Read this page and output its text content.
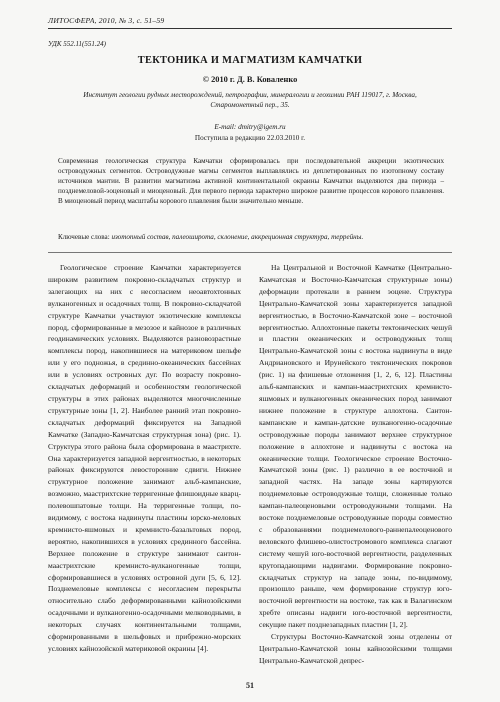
ЛИТОСФЕРА, 2010, № 3, с. 51–59
УДК 552.11(551.24)
ТЕКТОНИКА И МАГМАТИЗМ КАМЧАТКИ
© 2010 г. Д. В. Коваленко
Институт геологии рудных месторождений, петрографии, минералогии и геохимии РАН 119017, г. Москва, Старомонетный пер., 35.
E-mail: dmitry@igem.ru
Поступила в редакцию 22.03.2010 г.
Современная геологическая структура Камчатки сформировалась при последовательной аккреции экзотических островодужных сегментов. Островодужные магмы сегментов выплавлялись из деплетированных по изотопному составу источников мантии. В развитии магматизма активной континентальной окраины Камчатки выделяются два периода – позднемеловой-эоценовый и миоценовый. Для первого периода характерно широкое развитие процессов корового плавления. В миоценовый период масштабы корового плавления были значительно меньше.
Ключевые слова: изотопный состав, палеоширота, склонение, аккреционная структура, террейны.

Геологическое строение Камчатки характеризуется широким развитием покровно-складчатых структур и залегающих на них с несогласием неоавтохтонных вулканогенных и осадочных толщ. В покровно-складчатой структуре Камчатки участвуют экзотические комплексы пород, сформированные в мезозое и кайнозое в различных геодинамических условиях. Выделяются разновозрастные комплексы пород, накопившиеся на материковом шельфе или у его подножья, в срединно-океанических бассейнах или в условиях островных дуг. По возрасту покровно-складчатых деформаций и особенностям геологической структуры в этих районах выделяются многочисленные структурные зоны [1, 2]. Наиболее ранний этап покровно-складчатых деформаций фиксируется на Западной Камчатке (Западно-Камчатская структурная зона) (рис. 1). Структура этого района была сформирована в маастрихте. Она характеризуется западной вергентностью, в некоторых районах фиксируются левосторонние сдвиги. Нижнее структурное положение занимают альб-кампанские, возможно, маастрихтские терригенные флишоидные кварц-полевошпатовые толщи. На терригенные толщи, по-видимому, с востока надвинуты пластины юрско-меловых кремнисто-яшмовых и кремнисто-базальтовых пород, вероятно, накопившихся в условиях срединного бассейна. Верхнее положение в структуре занимают сантон-маастрихтские кремнисто-вулканогенные толщи, сформировавшиеся в условиях островной дуги [5, 6, 12]. Позднемеловые комплексы с несогласием перекрыты относительно слабо деформированными кайнозойскими осадочными и вулканогенно-осадочными мелководными, в некоторых случаях континентальными толщами, сформированными в шельфовых и прибрежно-морских условиях кайнозойской материковой окраины [4].

На Центральной и Восточной Камчатке (Центрально-Камчатская и Восточно-Камчатская структурные зоны) деформации протекали в раннем эоцене. Структура Центрально-Камчатской зоны характеризуется западной вергентностью, в Восточно-Камчатской зоне – восточной вергентностью. Аллохтонные пакеты тектонических чешуй и пластин океанических и островодужных толщ Центрально-Камчатской зоны с востока надвинуты в виде Андриановского и Ирунейского тектонических покровов (рис. 1) на флишевые отложения [1, 2, 6, 12]. Пластины альб-кампанских и кампан-маастрихтских кремнисто-яшмовых и вулканогенных океанических пород занимают нижнее положение в структуре аллохтона. Сантон-кампанские и кампан-датские вулканогенно-осадочные островодужные породы занимают верхнее структурное положение в аллохтоне и надвинуты с востока на океанические толщи. Геологическое строение Восточно-Камчатской зоны (рис. 1) различно в ее восточной и западной частях. На западе зоны картируются позднемеловые островодужные толщи, сложенные только кампан-палеоценовыми островодужными толщами. На востоке позднемеловые островодужные породы совместно с образованиями позднемелового-раннепалеоценового веловского флишево-олистостромового комплекса слагают систему чешуй юго-восточной вергентности, разделенных крутопадающими надвигами. Формирование покровно-складчатых структур на западе зоны, по-видимому, произошло раньше, чем формирование структур юго-восточной вергентности на востоке, так как в Валагинском хребте описаны надвиги юго-восточной вергентности, секущие пакет позднезападных пластин [1, 2].

Структуры Восточно-Камчатской зоны отделены от Центрально-Камчатской зоны кайнозойскими толщами Центрально-Камчатской депрес-

51
